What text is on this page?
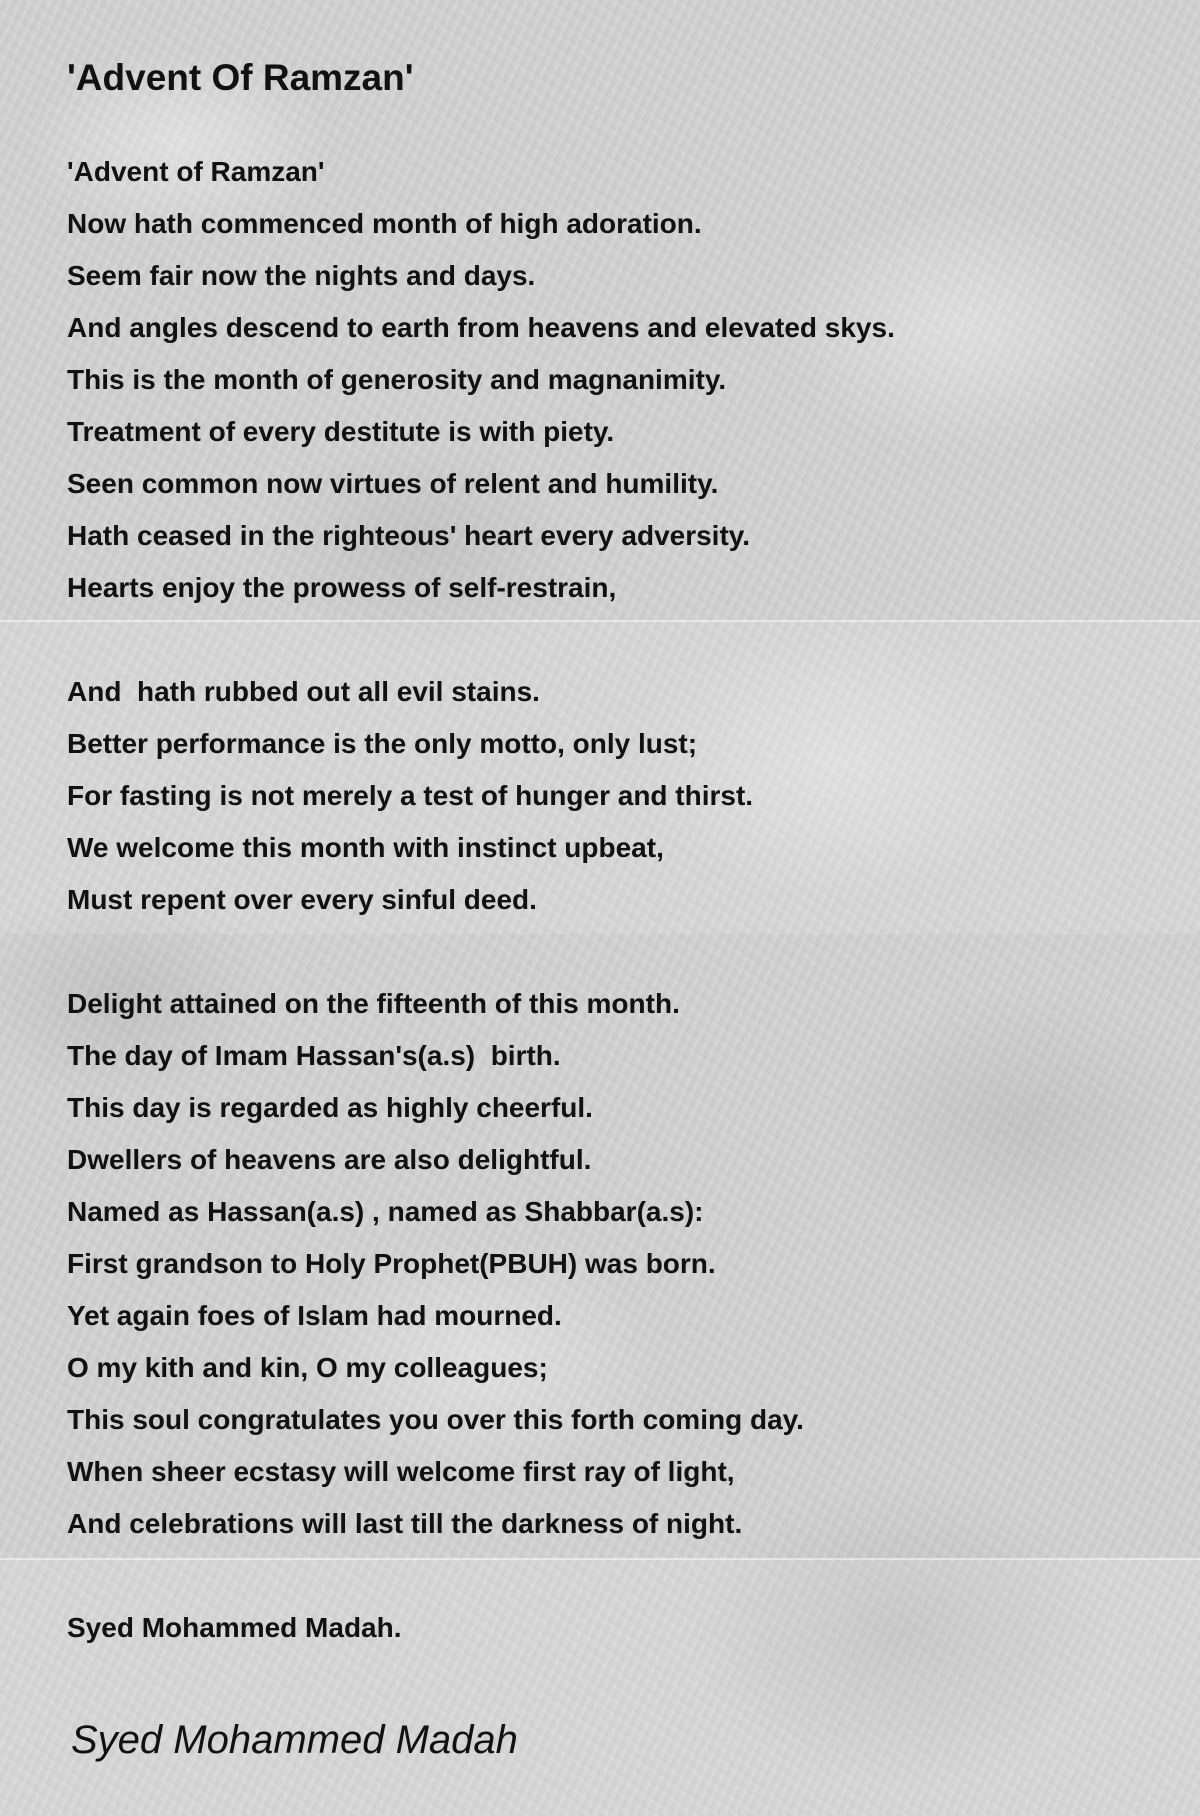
'Advent Of Ramzan'
'Advent of Ramzan'
Now hath commenced month of high adoration.
Seem fair now the nights and days.
And angles descend to earth from heavens and elevated skys.
This is the month of generosity and magnanimity.
Treatment of every destitute is with piety.
Seen common now virtues of relent and humility.
Hath ceased in the righteous' heart every adversity.
Hearts enjoy the prowess of self-restrain,
And  hath rubbed out all evil stains.
Better performance is the only motto, only lust;
For fasting is not merely a test of hunger and thirst.
We welcome this month with instinct upbeat,
Must repent over every sinful deed.
Delight attained on the fifteenth of this month.
The day of Imam Hassan's(a.s)  birth.
This day is regarded as highly cheerful.
Dwellers of heavens are also delightful.
Named as Hassan(a.s) , named as Shabbar(a.s):
First grandson to Holy Prophet(PBUH) was born.
Yet again foes of Islam had mourned.
O my kith and kin, O my colleagues;
This soul congratulates you over this forth coming day.
When sheer ecstasy will welcome first ray of light,
And celebrations will last till the darkness of night.
Syed Mohammed Madah.
Syed Mohammed Madah
